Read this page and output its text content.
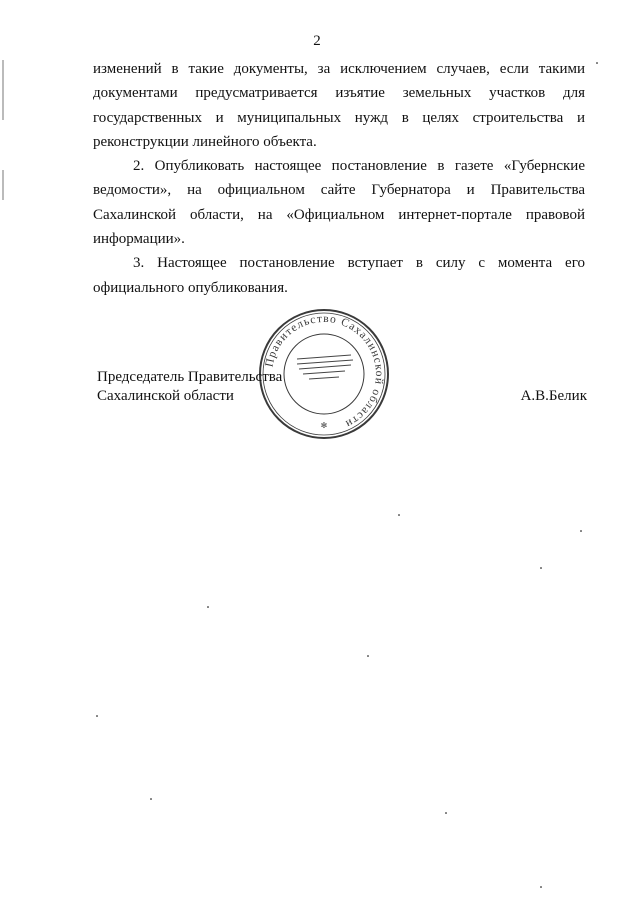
2

изменений в такие документы, за исключением случаев, если такими документами предусматривается изъятие земельных участков для государственных и муниципальных нужд в целях строительства и реконструкции линейного объекта.

2. Опубликовать настоящее постановление в газете «Губернские ведомости», на официальном сайте Губернатора и Правительства Сахалинской области, на «Официальном интернет-портале правовой информации».

3. Настоящее постановление вступает в силу с момента его официального опубликования.

Правительство Сахалинской области
✻
Председатель Правительства
Сахалинской области	А.В.Белик
